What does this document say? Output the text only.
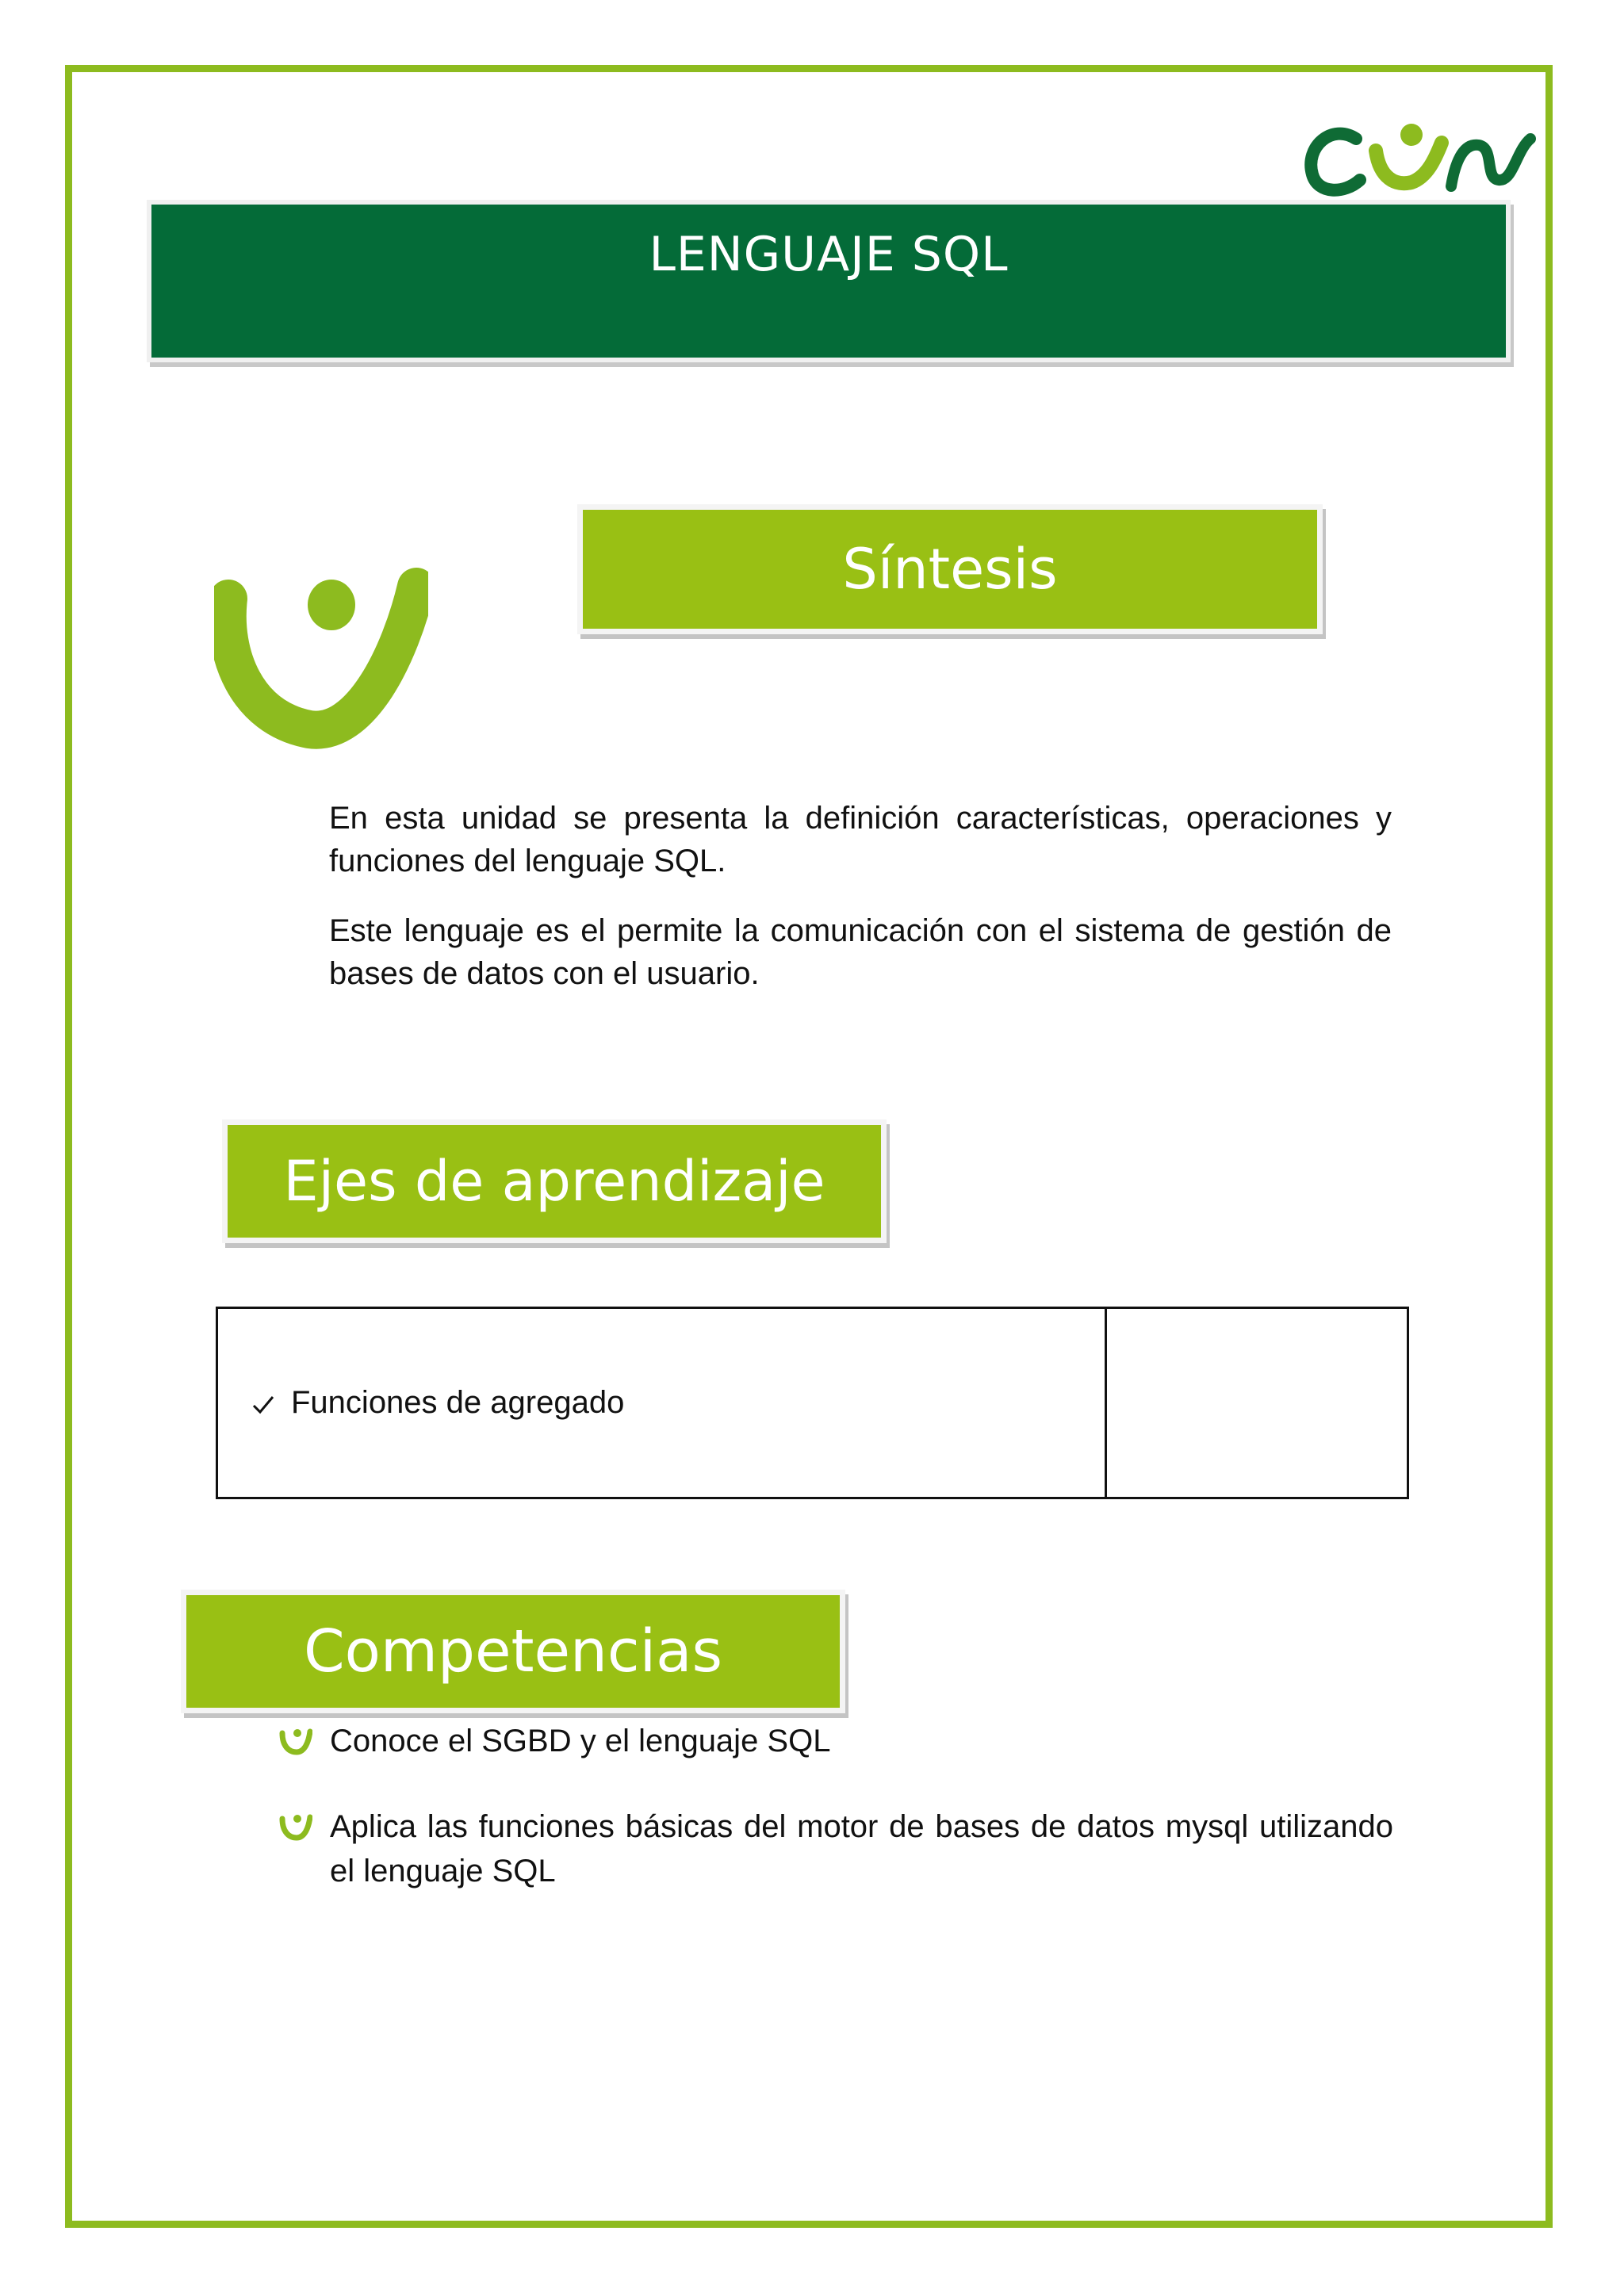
LENGUAJE SQL
Síntesis

En esta unidad se presenta la definición características, operaciones y funciones del lenguaje SQL.

Este lenguaje es el permite la comunicación con el sistema de gestión de bases de datos con el usuario.

Ejes de aprendizaje
Funciones de agregado
Competencias
Conoce el SGBD y el lenguaje SQL
Aplica las funciones básicas del motor de bases de datos mysql utilizando el lenguaje SQL
